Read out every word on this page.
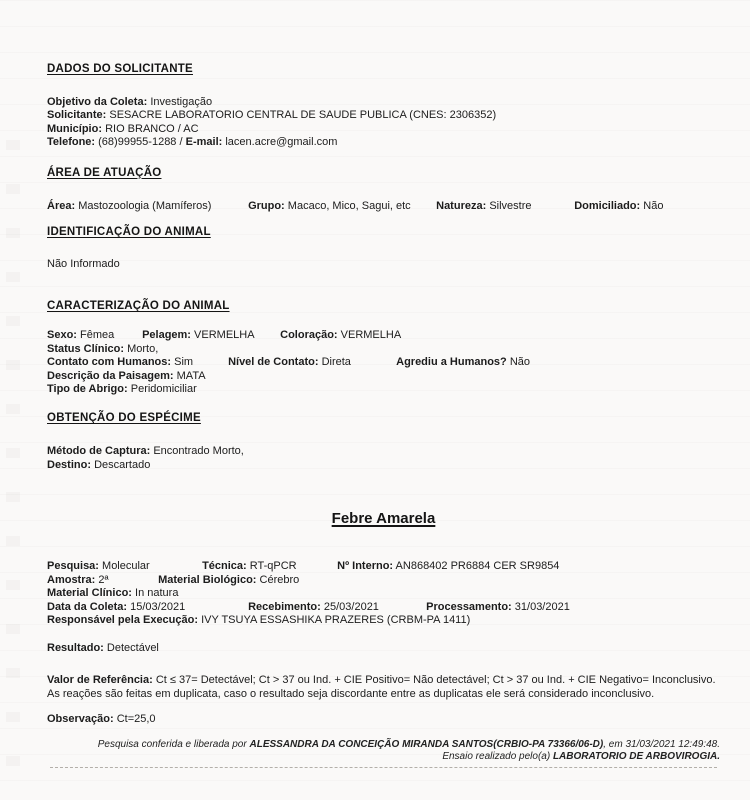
DADOS DO SOLICITANTE
Objetivo da Coleta: Investigação
Solicitante: SESACRE LABORATORIO CENTRAL DE SAUDE PUBLICA (CNES: 2306352)
Município: RIO BRANCO / AC
Telefone: (68)99955-1288 / E-mail: lacen.acre@gmail.com
ÁREA DE ATUAÇÃO
Área: Mastozoologia (Mamíferos)	Grupo: Macaco, Mico, Sagui, etc Natureza: Silvestre	Domiciliado: Não
IDENTIFICAÇÃO DO ANIMAL
Não Informado
CARACTERIZAÇÃO DO ANIMAL
Sexo: Fêmea	Pelagem: VERMELHA Coloração: VERMELHA
Status Clínico: Morto,
Contato com Humanos: Sim	Nível de Contato: Direta	Agrediu a Humanos? Não
Descrição da Paisagem: MATA
Tipo de Abrigo: Peridomiciliar
OBTENÇÃO DO ESPÉCIME
Método de Captura: Encontrado Morto,
Destino: Descartado
Febre Amarela
Pesquisa: Molecular	Técnica: RT-qPCR	Nº Interno: AN868402 PR6884 CER SR9854
Amostra: 2ª	Material Biológico: Cérebro
Material Clínico: In natura
Data da Coleta: 15/03/2021	Recebimento: 25/03/2021	Processamento: 31/03/2021
Responsável pela Execução: IVY TSUYA ESSASHIKA PRAZERES (CRBM-PA 1411)
Resultado: Detectável

Valor de Referência: Ct ≤ 37= Detectável; Ct > 37 ou Ind. + CIE Positivo= Não detectável; Ct > 37 ou Ind. + CIE Negativo= Inconclusivo. As reações são feitas em duplicata, caso o resultado seja discordante entre as duplicatas ele será considerado inconclusivo.

Observação: Ct=25,0
Pesquisa conferida e liberada por ALESSANDRA DA CONCEIÇÃO MIRANDA SANTOS(CRBIO-PA 73366/06-D), em 31/03/2021 12:49:48.
Ensaio realizado pelo(a) LABORATORIO DE ARBOVIROGIA.
